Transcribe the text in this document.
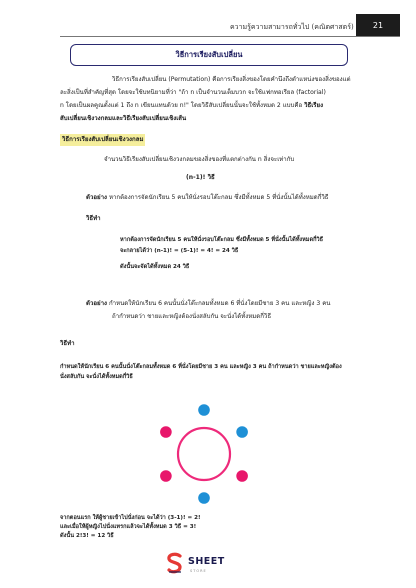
ความรู้ความสามารถทั่วไป (คณิตศาสตร์)	21
วิธีการเรียงสับเปลี่ยน
วิธีการเรียงสับเปลี่ยน (Permutation) คือการเรียงสิ่งของโดยคำนึงถึงตำแหน่งของสิ่งของแต่
ละสิ่งเป็นที่สำคัญที่สุด โดยจะใช้บทนิยามที่ว่า "ถ้า n เป็นจำนวนเต็มบวก จะใช้แฟกทอเรียล (factorial)
n โดยเป็นผลคูณตั้งแต่ 1 ถึง n เขียนแทนด้วย n!" โดยวิธีสับเปลี่ยนนั้นจะใช้ทั้งหมด 2 แบบคือ วิธีเรียง
สับเปลี่ยนเชิงวงกลมและวิธีเรียงสับเปลี่ยนเชิงเส้น
วิธีการเรียงสับเปลี่ยนเชิงวงกลม
จำนวนวิธีเรียงสับเปลี่ยนเชิงวงกลมของสิ่งของที่แตกต่างกัน n สิ่งจะเท่ากับ
(n-1)! วิธี
ตัวอย่าง หากต้องการจัดนักเรียน 5 คนให้นั่งรอบโต๊ะกลม ซึ่งมีทั้งหมด 5 ที่นั่งนั้นได้ทั้งหมดกี่วิธี
วิธีทำ
หากต้องการจัดนักเรียน 5 คนให้นั่งรอบโต๊ะกลม ซึ่งมีทั้งหมด 5 ที่นั่งนั้นได้ทั้งหมดกี่วิธี
จะกลายได้ว่า (n-1)! = (5-1)! = 4! = 24 วิธี
ดังนั้นจะจัดได้ทั้งหมด 24 วิธี
ตัวอย่าง กำหนดให้นักเรียน 6 คนนั้นนั่งโต๊ะกลมทั้งหมด 6 ที่นั่งโดยมีชาย 3 คน และหญิง 3 คน
ถ้ากำหนดว่า ชายและหญิงต้องนั่งสลับกัน จะนั่งได้ทั้งหมดกี่วิธี
วิธีทำ
กำหนดให้นักเรียน 6 คนนั้นนั่งโต๊ะกลมทั้งหมด 6 ที่นั่งโดยมีชาย 3 คน และหญิง 3 คน ถ้ากำหนดว่า ชายและหญิงต้อง
นั่งสลับกัน จะนั่งได้ทั้งหมดกี่วิธี
จากตอนแรก ให้ผู้ชายเข้าไปนั่งก่อน จะได้ว่า (3-1)! = 2!
และเมื่อให้ผู้หญิงไปนั่งแทรกแล้วจะได้ทั้งหมด 3 วิธี = 3!
ดังนั้น 2!3! = 12 วิธี
SHEET
STORE
